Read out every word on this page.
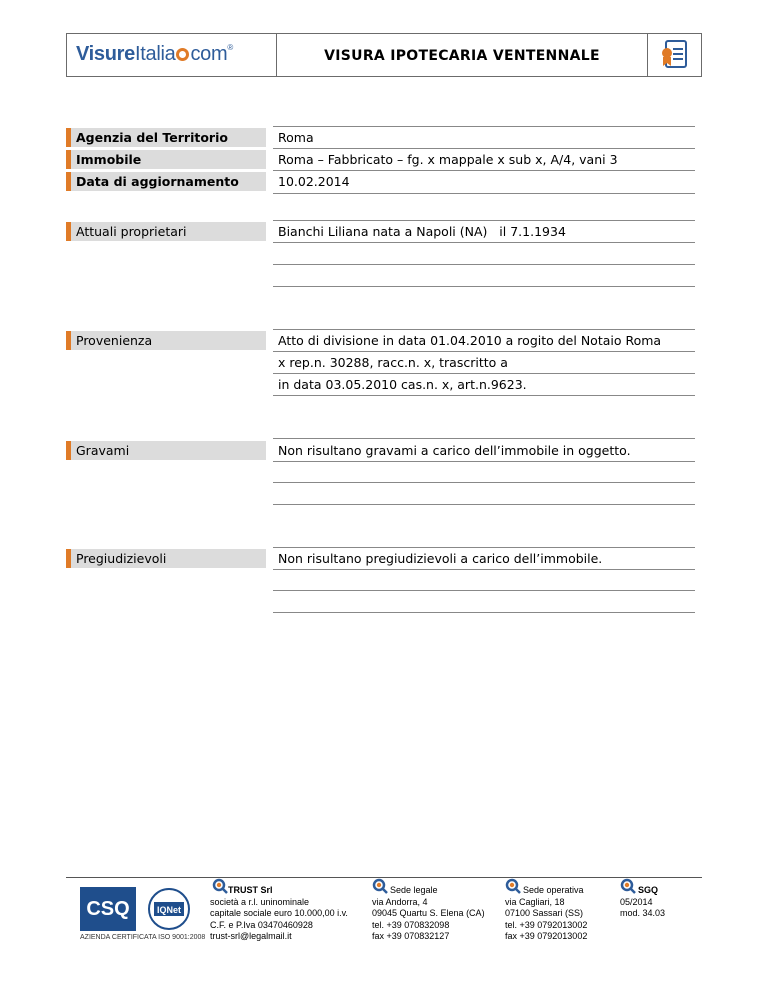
VisureItalia com®
VISURA IPOTECARIA VENTENNALE
Agenzia del Territorio	Roma
Immobile	Roma – Fabbricato – fg. x mappale x sub x, A/4, vani 3
Data di aggiornamento	10.02.2014
Attuali proprietari	Bianchi Liliana nata a Napoli (NA)   il 7.1.1934
Provenienza	Atto di divisione in data 01.04.2010 a rogito del Notaio Roma
x rep.n. 30288, racc.n. x, trascritto a
in data 03.05.2010 cas.n. x, art.n.9623.
Gravami	Non risultano gravami a carico dell’immobile in oggetto.
Pregiudizievoli	Non risultano pregiudizievoli a carico dell’immobile.
CSQ	IQNet
AZIENDA CERTIFICATA ISO 9001:2008
TRUST Srl
società a r.l. uninominale
capitale sociale euro 10.000,00 i.v.
C.F. e P.Iva 03470460928
trust-srl@legalmail.it
Sede legale
via Andorra, 4
09045 Quartu S. Elena (CA)
tel. +39 070832098
fax +39 070832127
Sede operativa
via Cagliari, 18
07100 Sassari (SS)
tel. +39 0792013002
fax +39 0792013002
SGQ
05/2014
mod. 34.03
